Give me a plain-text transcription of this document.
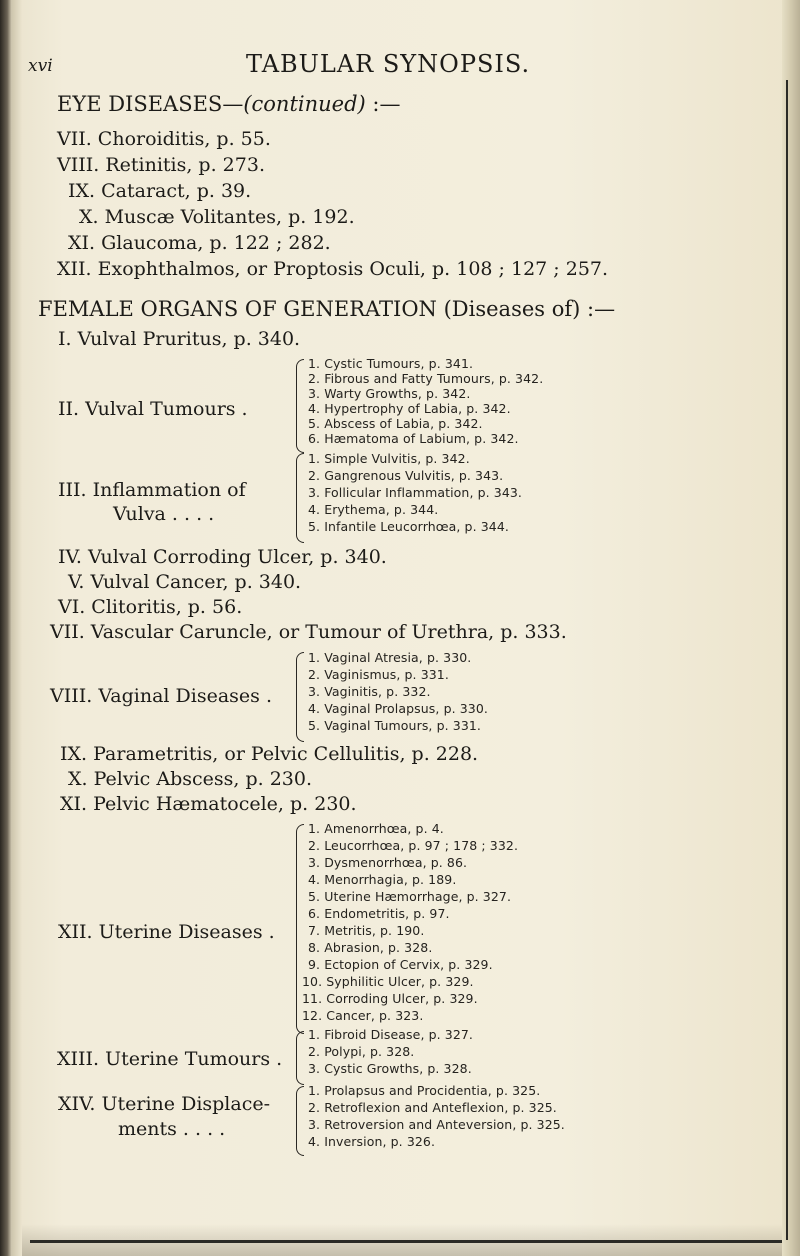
xvi	TABULAR SYNOPSIS.
EYE DISEASES—(continued) :—
VII. Choroiditis, p. 55.
VIII. Retinitis, p. 273.
IX. Cataract, p. 39.
X. Muscæ Volitantes, p. 192.
XI. Glaucoma, p. 122 ; 282.
XII. Exophthalmos, or Proptosis Oculi, p. 108 ; 127 ; 257.
FEMALE ORGANS OF GENERATION (Diseases of) :—
I. Vulval Pruritus, p. 340.
II. Vulval Tumours .
1. Cystic Tumours, p. 341.
2. Fibrous and Fatty Tumours, p. 342.
3. Warty Growths, p. 342.
4. Hypertrophy of Labia, p. 342.
5. Abscess of Labia, p. 342.
6. Hæmatoma of Labium, p. 342.
III. Inflammation of
Vulva . . . .
1. Simple Vulvitis, p. 342.
2. Gangrenous Vulvitis, p. 343.
3. Follicular Inflammation, p. 343.
4. Erythema, p. 344.
5. Infantile Leucorrhœa, p. 344.
IV. Vulval Corroding Ulcer, p. 340.
V. Vulval Cancer, p. 340.
VI. Clitoritis, p. 56.
VII. Vascular Caruncle, or Tumour of Urethra, p. 333.
VIII. Vaginal Diseases .
1. Vaginal Atresia, p. 330.
2. Vaginismus, p. 331.
3. Vaginitis, p. 332.
4. Vaginal Prolapsus, p. 330.
5. Vaginal Tumours, p. 331.
IX. Parametritis, or Pelvic Cellulitis, p. 228.
X. Pelvic Abscess, p. 230.
XI. Pelvic Hæmatocele, p. 230.
XII. Uterine Diseases .
1. Amenorrhœa, p. 4.
2. Leucorrhœa, p. 97 ; 178 ; 332.
3. Dysmenorrhœa, p. 86.
4. Menorrhagia, p. 189.
5. Uterine Hæmorrhage, p. 327.
6. Endometritis, p. 97.
7. Metritis, p. 190.
8. Abrasion, p. 328.
9. Ectopion of Cervix, p. 329.
10. Syphilitic Ulcer, p. 329.
11. Corroding Ulcer, p. 329.
12. Cancer, p. 323.
XIII. Uterine Tumours .
1. Fibroid Disease, p. 327.
2. Polypi, p. 328.
3. Cystic Growths, p. 328.
XIV. Uterine Displace-
ments . . . .
1. Prolapsus and Procidentia, p. 325.
2. Retroflexion and Anteflexion, p. 325.
3. Retroversion and Anteversion, p. 325.
4. Inversion, p. 326.
